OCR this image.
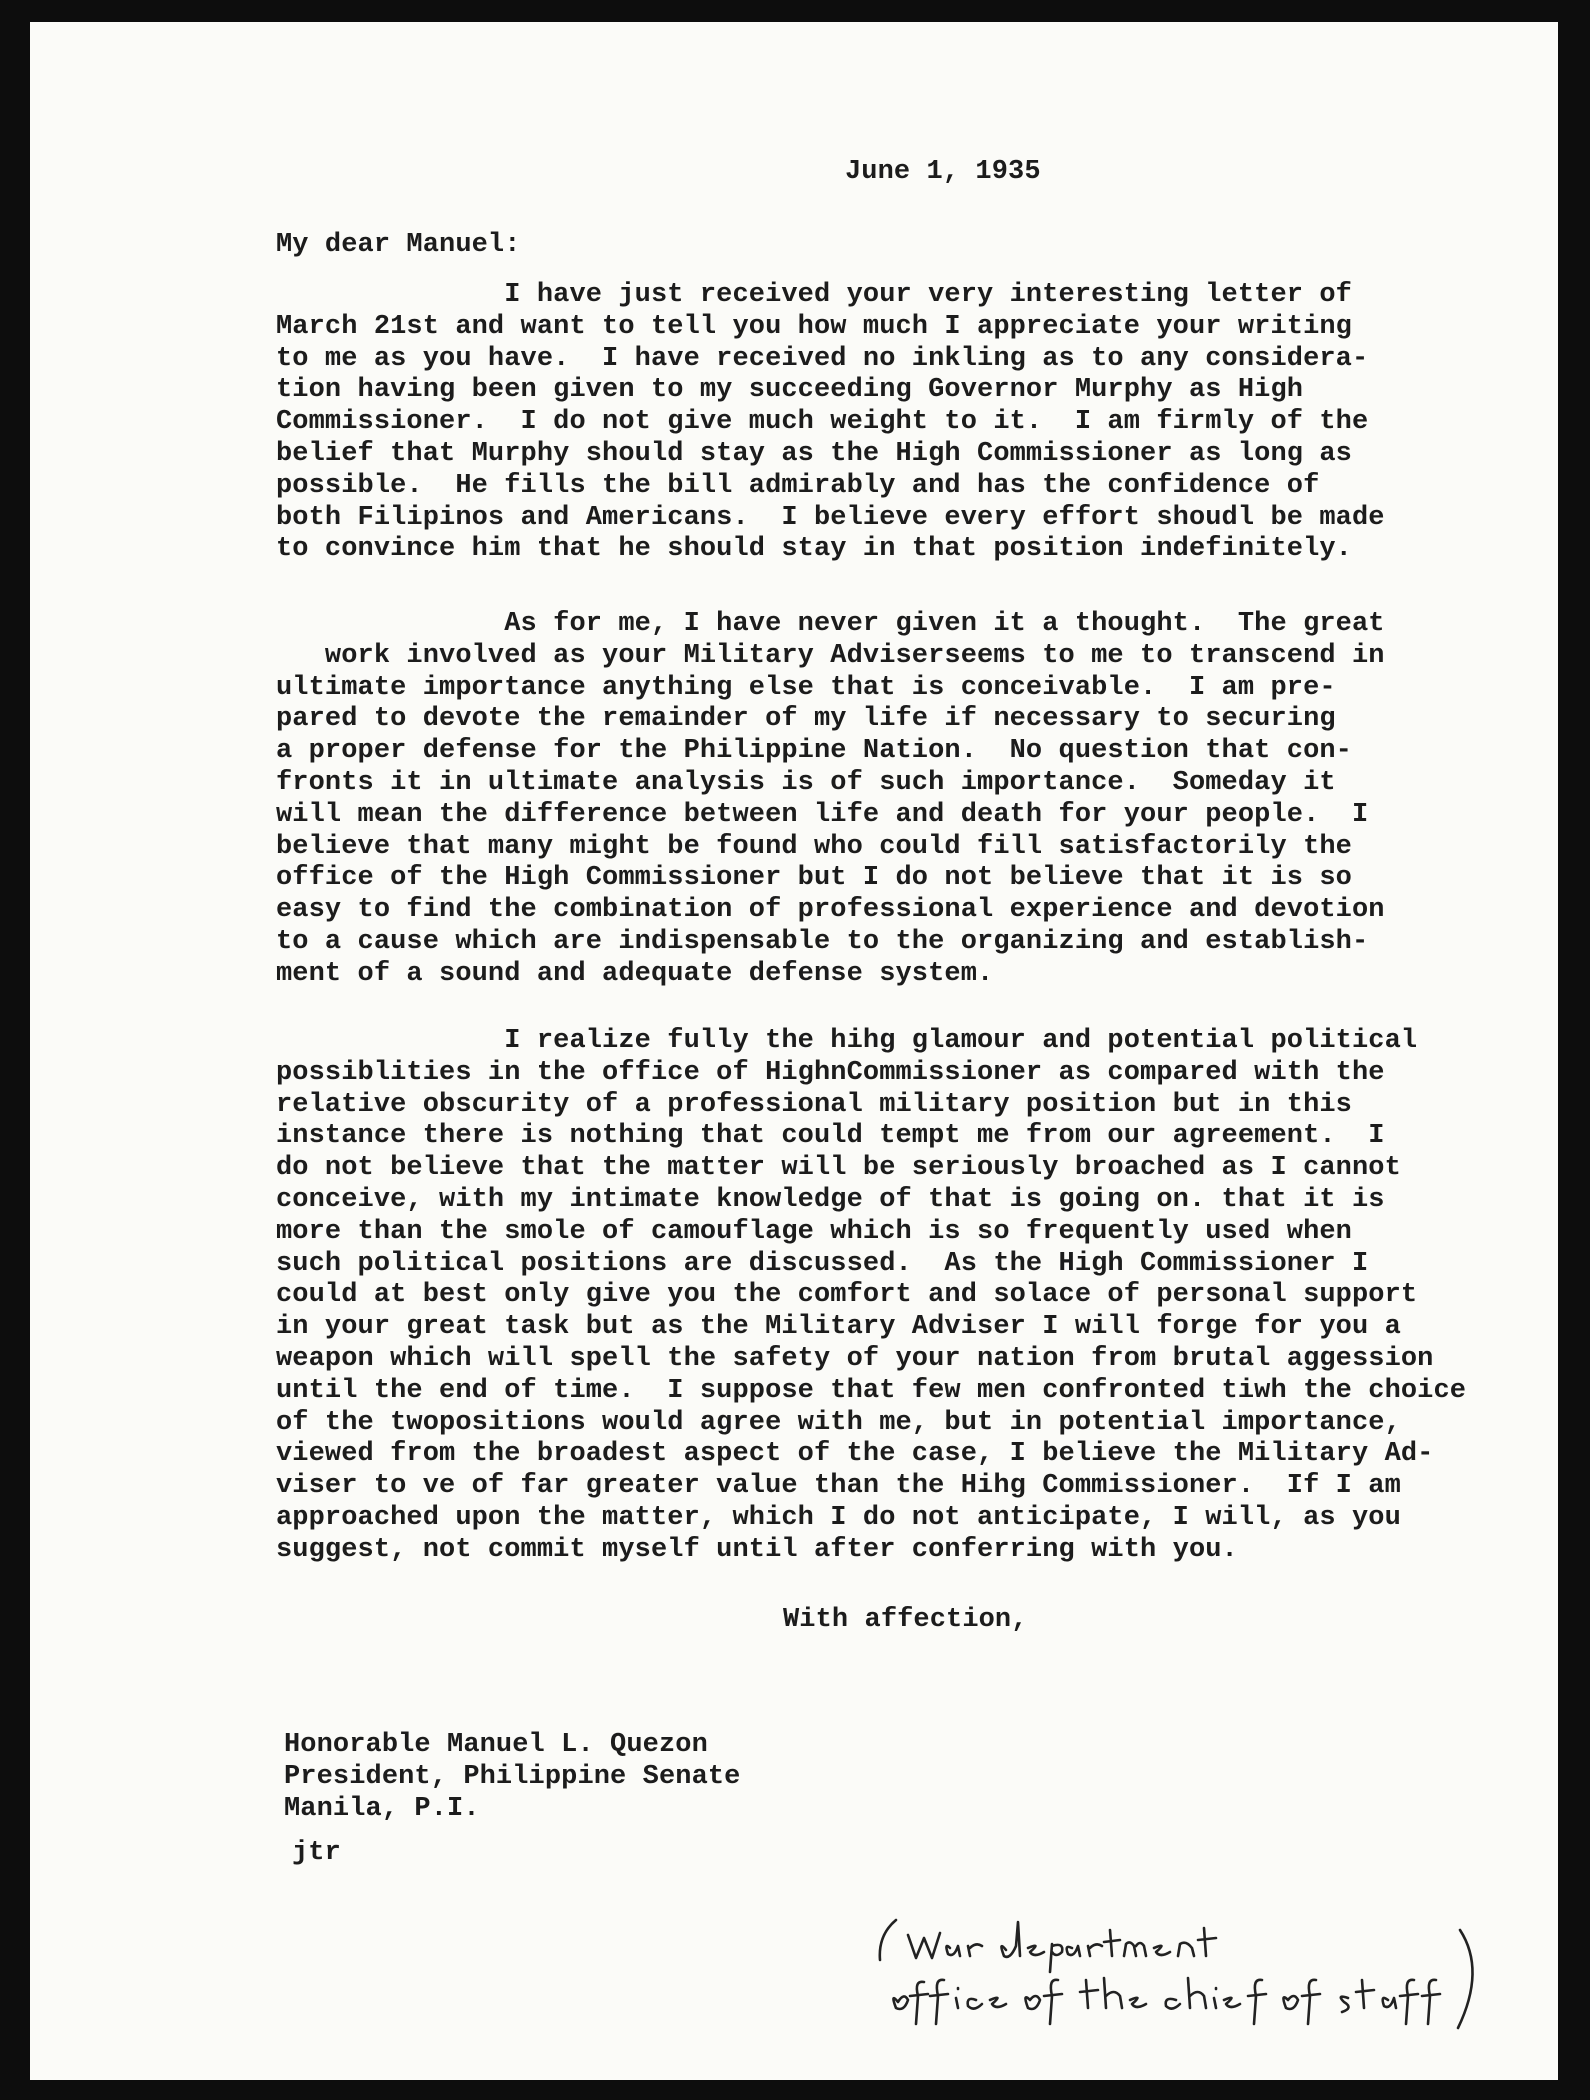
June 1, 1935
My dear Manuel:
I have just received your very interesting letter of
March 21st and want to tell you how much I appreciate your writing
to me as you have.  I have received no inkling as to any considera-
tion having been given to my succeeding Governor Murphy as High
Commissioner.  I do not give much weight to it.  I am firmly of the
belief that Murphy should stay as the High Commissioner as long as
possible.  He fills the bill admirably and has the confidence of
both Filipinos and Americans.  I believe every effort shoudl be made
to convince him that he should stay in that position indefinitely.
As for me, I have never given it a thought.  The great
work involved as your Military Adviserseems to me to transcend in
ultimate importance anything else that is conceivable.  I am pre-
pared to devote the remainder of my life if necessary to securing
a proper defense for the Philippine Nation.  No question that con-
fronts it in ultimate analysis is of such importance.  Someday it
will mean the difference between life and death for your people.  I
believe that many might be found who could fill satisfactorily the
office of the High Commissioner but I do not believe that it is so
easy to find the combination of professional experience and devotion
to a cause which are indispensable to the organizing and establish-
ment of a sound and adequate defense system.
I realize fully the hihg glamour and potential political
possiblities in the office of HighnCommissioner as compared with the
relative obscurity of a professional military position but in this
instance there is nothing that could tempt me from our agreement.  I
do not believe that the matter will be seriously broached as I cannot
conceive, with my intimate knowledge of that is going on. that it is
more than the smole of camouflage which is so frequently used when
such political positions are discussed.  As the High Commissioner I
could at best only give you the comfort and solace of personal support
in your great task but as the Military Adviser I will forge for you a
weapon which will spell the safety of your nation from brutal aggession
until the end of time.  I suppose that few men confronted tiwh the choice
of the twopositions would agree with me, but in potential importance,
viewed from the broadest aspect of the case, I believe the Military Ad-
viser to ve of far greater value than the Hihg Commissioner.  If I am
approached upon the matter, which I do not anticipate, I will, as you
suggest, not commit myself until after conferring with you.
With affection,
Honorable Manuel L. Quezon
President, Philippine Senate
Manila, P.I.
jtr
